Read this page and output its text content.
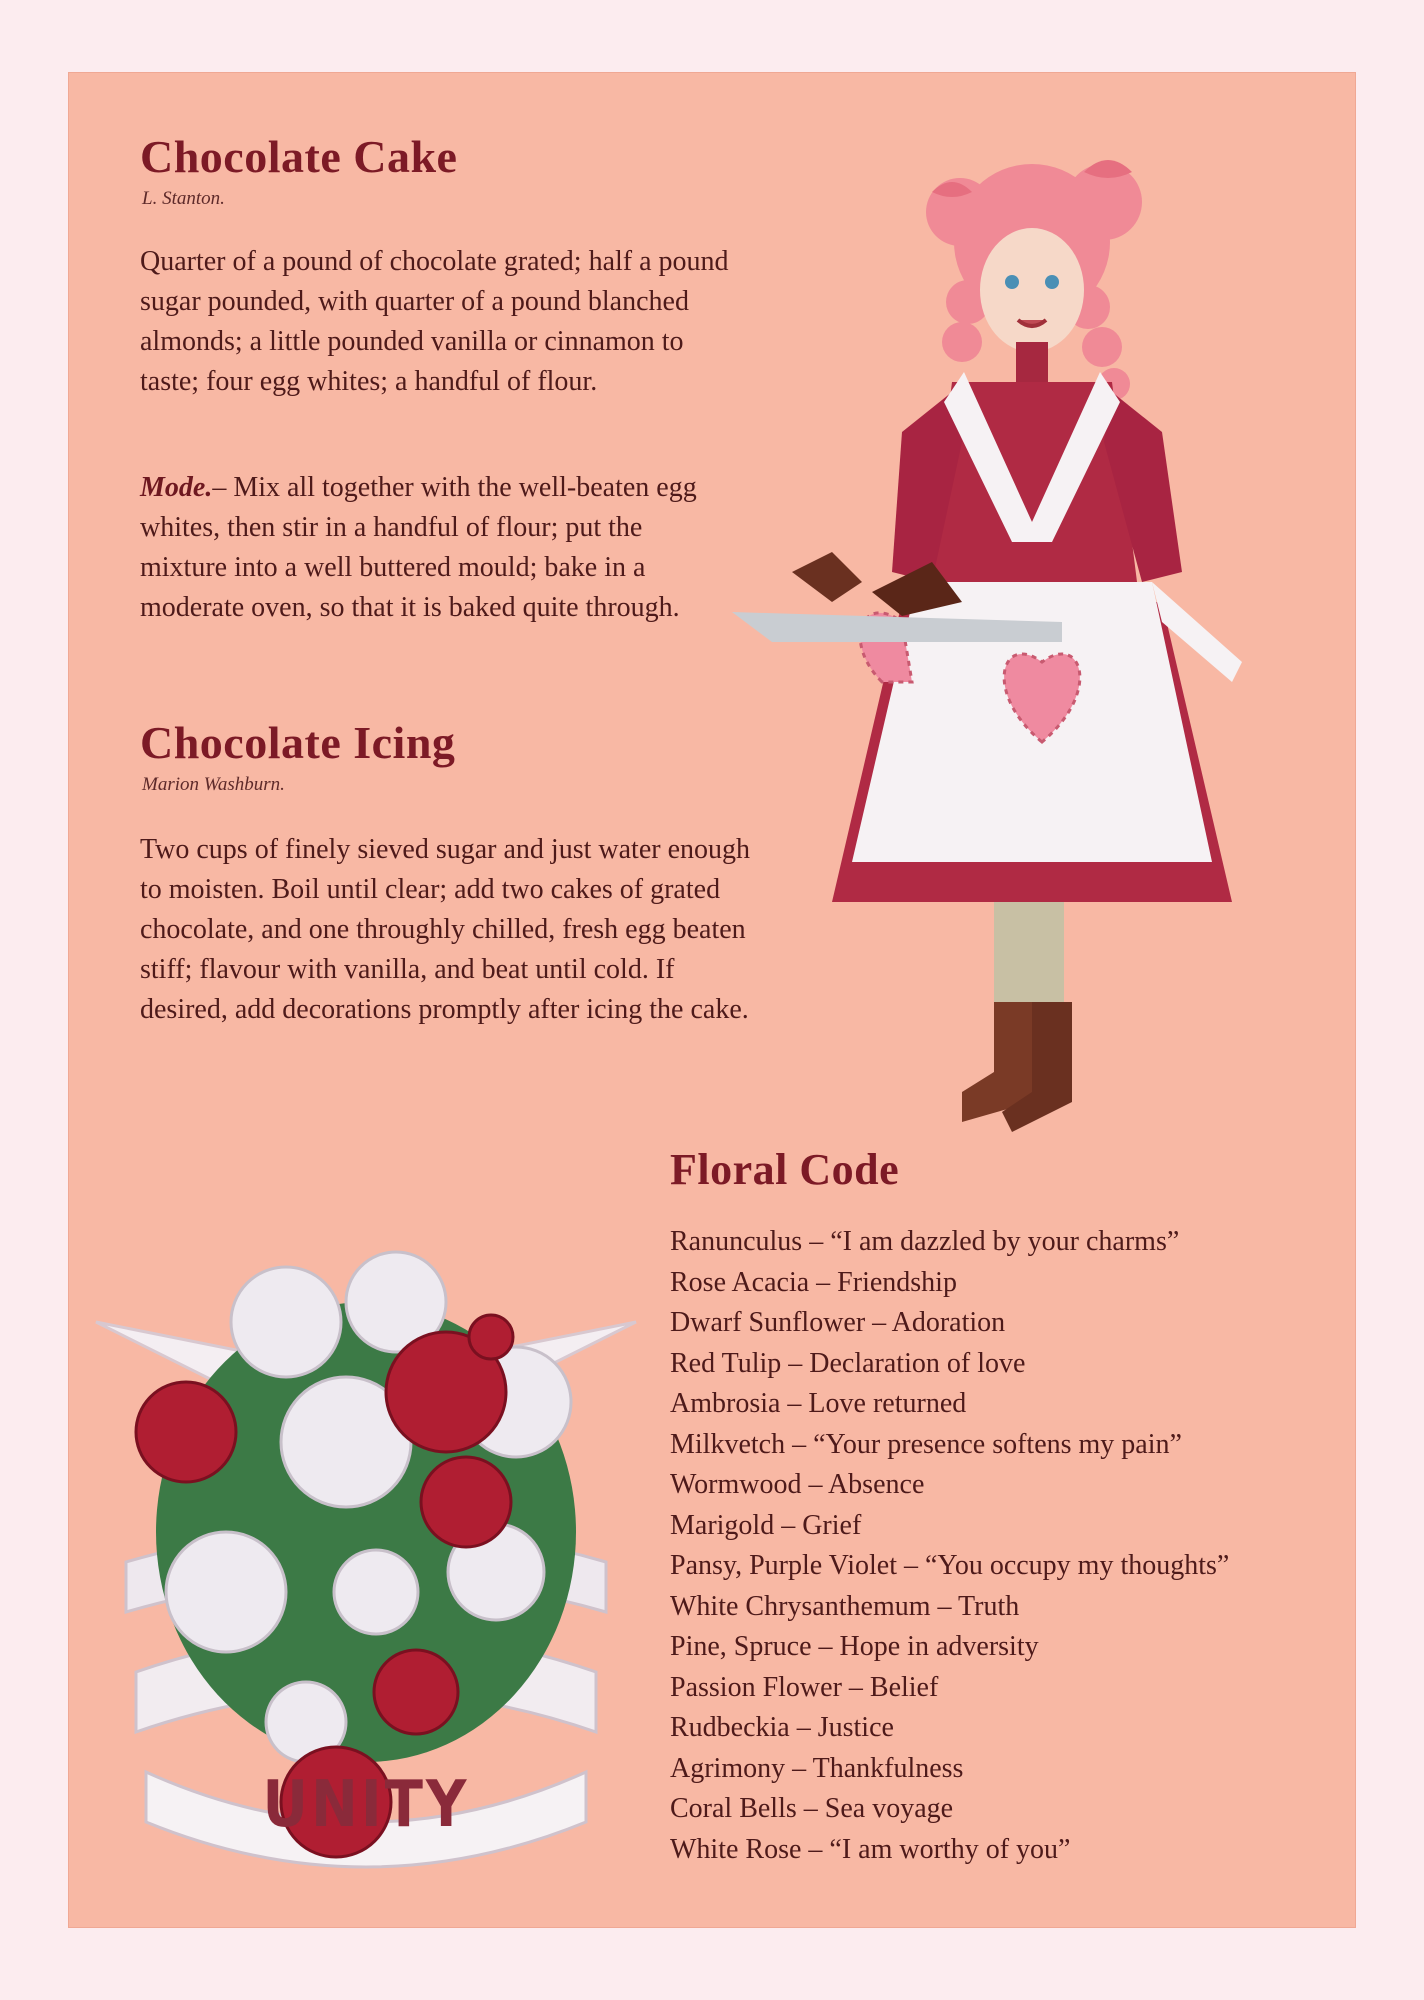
Chocolate Cake
L. Stanton.

Quarter of a pound of chocolate grated; half a pound sugar pounded, with quarter of a pound blanched almonds; a little pounded vanilla or cinnamon to taste; four egg whites; a handful of flour.

Mode.– Mix all together with the well-beaten egg whites, then stir in a handful of flour; put the mixture into a well buttered mould; bake in a moderate oven, so that it is baked quite through.

Chocolate Icing
Marion Washburn.

Two cups of finely sieved sugar and just water enough to moisten. Boil until clear; add two cakes of grated chocolate, and one throughly chilled, fresh egg beaten stiff; flavour with vanilla, and beat until cold. If desired, add decorations promptly after icing the cake.

UNITY
Floral Code
Ranunculus – “I am dazzled by your charms”
Rose Acacia – Friendship
Dwarf Sunflower – Adoration
Red Tulip – Declaration of love
Ambrosia – Love returned
Milkvetch – “Your presence softens my pain”
Wormwood – Absence
Marigold – Grief
Pansy, Purple Violet – “You occupy my thoughts”
White Chrysanthemum – Truth
Pine, Spruce – Hope in adversity
Passion Flower – Belief
Rudbeckia – Justice
Agrimony – Thankfulness
Coral Bells – Sea voyage
White Rose – “I am worthy of you”
